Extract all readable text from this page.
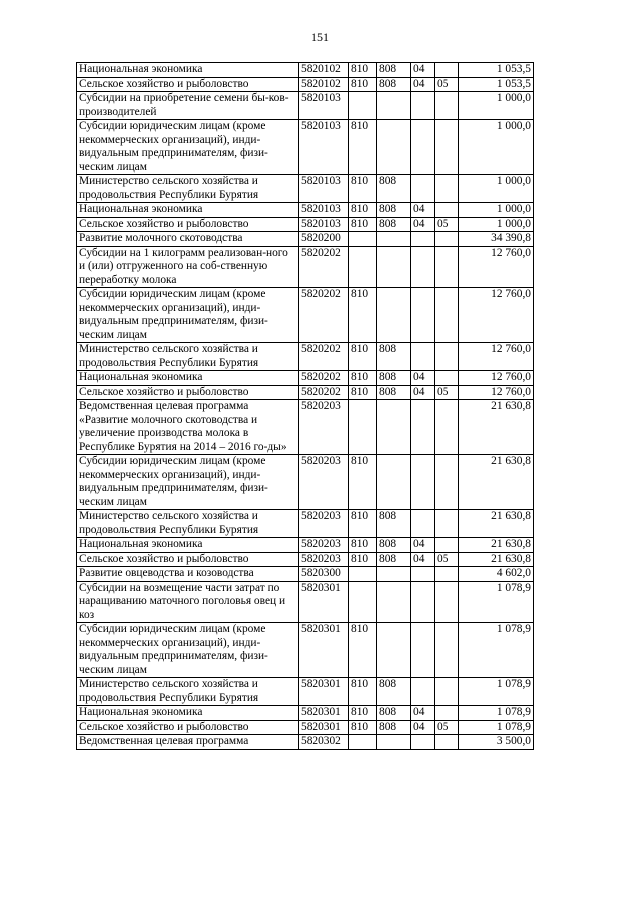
151
Национальная экономика	5820102	810	808	04		1 053,5
Сельское хозяйство и рыболовство	5820102	810	808	04	05	1 053,5
Субсидии на приобретение семени бы-ков-производителей	5820103					1 000,0
Субсидии юридическим лицам (кроме некоммерческих организаций), инди-видуальным предпринимателям, физи-ческим лицам	5820103	810				1 000,0
Министерство сельского хозяйства и продовольствия Республики Бурятия	5820103	810	808			1 000,0
Национальная экономика	5820103	810	808	04		1 000,0
Сельское хозяйство и рыболовство	5820103	810	808	04	05	1 000,0
Развитие молочного скотоводства	5820200					34 390,8
Субсидии на 1 килограмм реализован-ного и (или) отгруженного на соб-ственную переработку молока	5820202					12 760,0
Субсидии юридическим лицам (кроме некоммерческих организаций), инди-видуальным предпринимателям, физи-ческим лицам	5820202	810				12 760,0
Министерство сельского хозяйства и продовольствия Республики Бурятия	5820202	810	808			12 760,0
Национальная экономика	5820202	810	808	04		12 760,0
Сельское хозяйство и рыболовство	5820202	810	808	04	05	12 760,0
Ведомственная целевая программа «Развитие молочного скотоводства и увеличение производства молока в Республике Бурятия на 2014 – 2016 го-ды»	5820203					21 630,8
Субсидии юридическим лицам (кроме некоммерческих организаций), инди-видуальным предпринимателям, физи-ческим лицам	5820203	810				21 630,8
Министерство сельского хозяйства и продовольствия Республики Бурятия	5820203	810	808			21 630,8
Национальная экономика	5820203	810	808	04		21 630,8
Сельское хозяйство и рыболовство	5820203	810	808	04	05	21 630,8
Развитие овцеводства и козоводства	5820300					4 602,0
Субсидии на возмещение части затрат по наращиванию маточного поголовья овец и коз	5820301					1 078,9
Субсидии юридическим лицам (кроме некоммерческих организаций), инди-видуальным предпринимателям, физи-ческим лицам	5820301	810				1 078,9
Министерство сельского хозяйства и продовольствия Республики Бурятия	5820301	810	808			1 078,9
Национальная экономика	5820301	810	808	04		1 078,9
Сельское хозяйство и рыболовство	5820301	810	808	04	05	1 078,9
Ведомственная целевая программа	5820302					3 500,0
